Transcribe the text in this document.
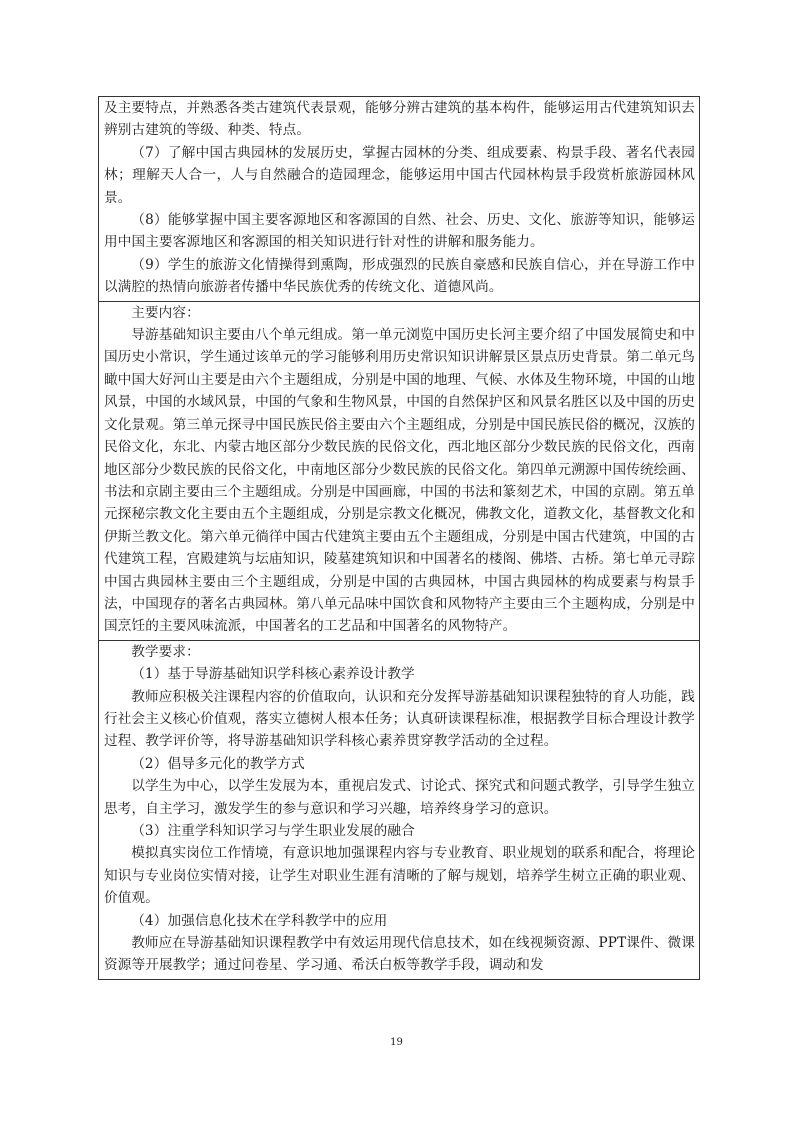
及主要特点，并熟悉各类古建筑代表景观，能够分辨古建筑的基本构件，能够运用古代建筑知识去辨别古建筑的等级、种类、特点。

（7）了解中国古典园林的发展历史，掌握古园林的分类、组成要素、构景手段、著名代表园林；理解天人合一，人与自然融合的造园理念，能够运用中国古代园林构景手段赏析旅游园林风景。

（8）能够掌握中国主要客源地区和客源国的自然、社会、历史、文化、旅游等知识，能够运用中国主要客源地区和客源国的相关知识进行针对性的讲解和服务能力。

（9）学生的旅游文化情操得到熏陶，形成强烈的民族自豪感和民族自信心，并在导游工作中以满腔的热情向旅游者传播中华民族优秀的传统文化、道德风尚。

主要内容：

导游基础知识主要由八个单元组成。第一单元浏览中国历史长河主要介绍了中国发展简史和中国历史小常识，学生通过该单元的学习能够利用历史常识知识讲解景区景点历史背景。第二单元鸟瞰中国大好河山主要是由六个主题组成，分别是中国的地理、气候、水体及生物环境，中国的山地风景，中国的水域风景，中国的气象和生物风景，中国的自然保护区和风景名胜区以及中国的历史文化景观。第三单元探寻中国民族民俗主要由六个主题组成，分别是中国民族民俗的概况，汉族的民俗文化，东北、内蒙古地区部分少数民族的民俗文化，西北地区部分少数民族的民俗文化，西南地区部分少数民族的民俗文化，中南地区部分少数民族的民俗文化。第四单元溯源中国传统绘画、书法和京剧主要由三个主题组成。分别是中国画廊，中国的书法和篆刻艺术，中国的京剧。第五单元探秘宗教文化主要由五个主题组成，分别是宗教文化概况，佛教文化，道教文化，基督教文化和伊斯兰教文化。第六单元徜徉中国古代建筑主要由五个主题组成，分别是中国古代建筑，中国的古代建筑工程，宫殿建筑与坛庙知识，陵墓建筑知识和中国著名的楼阁、佛塔、古桥。第七单元寻踪中国古典园林主要由三个主题组成，分别是中国的古典园林，中国古典园林的构成要素与构景手法，中国现存的著名古典园林。第八单元品味中国饮食和风物特产主要由三个主题构成，分别是中国烹饪的主要风味流派，中国著名的工艺品和中国著名的风物特产。

教学要求：

（1）基于导游基础知识学科核心素养设计教学

教师应积极关注课程内容的价值取向，认识和充分发挥导游基础知识课程独特的育人功能，践行社会主义核心价值观，落实立德树人根本任务；认真研读课程标准，根据教学目标合理设计教学过程、教学评价等，将导游基础知识学科核心素养贯穿教学活动的全过程。

（2）倡导多元化的教学方式

以学生为中心，以学生发展为本，重视启发式、讨论式、探究式和问题式教学，引导学生独立思考，自主学习，激发学生的参与意识和学习兴趣，培养终身学习的意识。

（3）注重学科知识学习与学生职业发展的融合

模拟真实岗位工作情境，有意识地加强课程内容与专业教育、职业规划的联系和配合，将理论知识与专业岗位实情对接，让学生对职业生涯有清晰的了解与规划，培养学生树立正确的职业观、价值观。

（4）加强信息化技术在学科教学中的应用

教师应在导游基础知识课程教学中有效运用现代信息技术，如在线视频资源、PPT课件、微课资源等开展教学；通过问卷星、学习通、希沃白板等教学手段，调动和发

19
